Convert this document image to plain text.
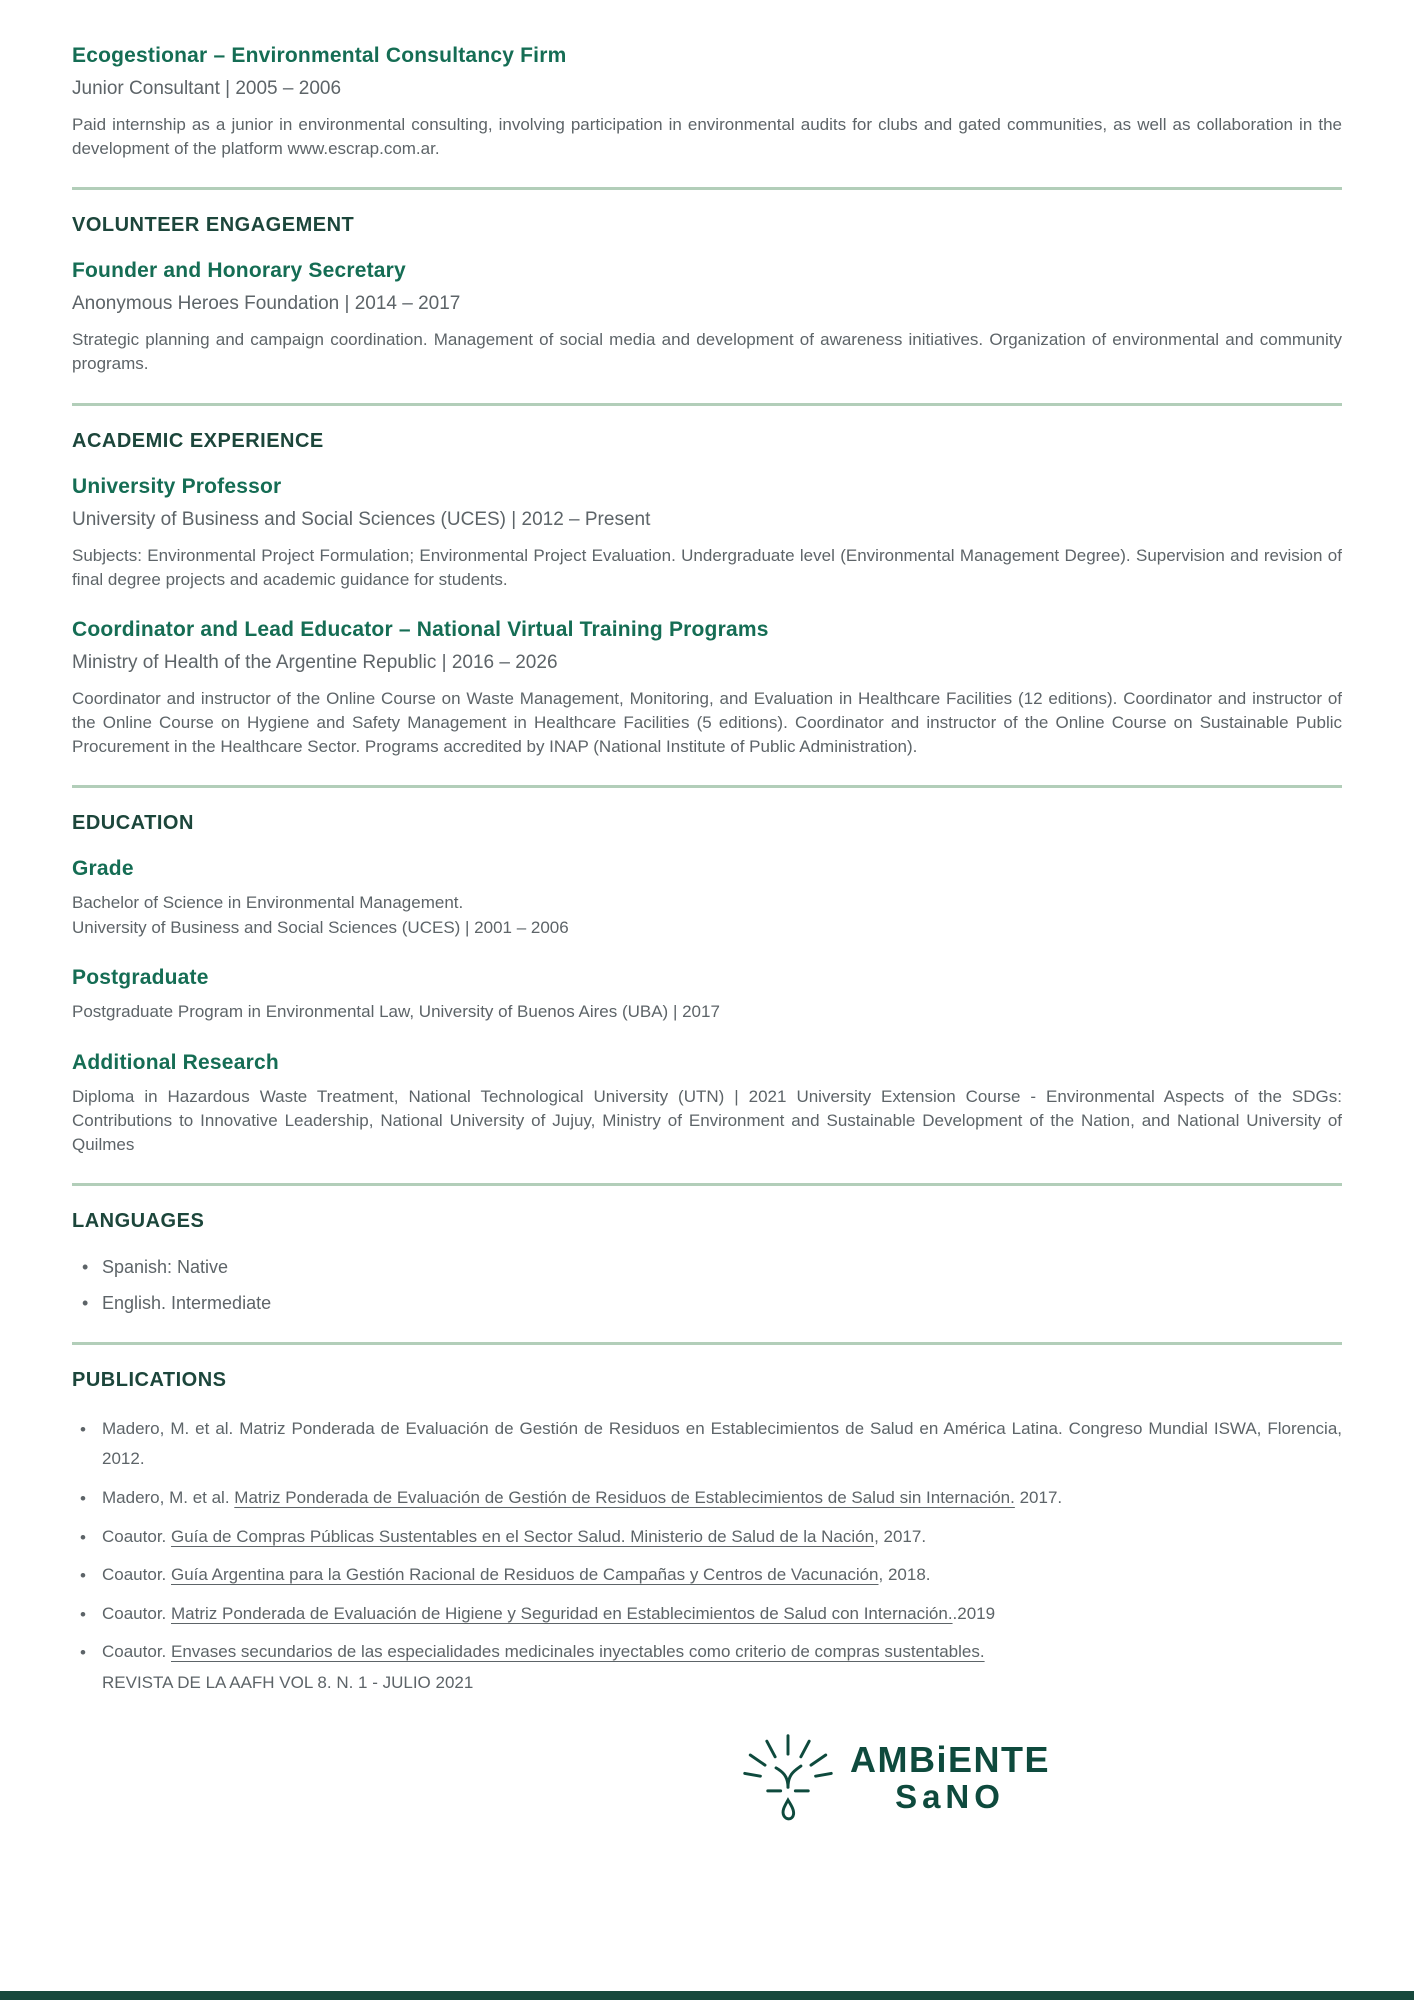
Ecogestionar – Environmental Consultancy Firm
Junior Consultant | 2005 – 2006

Paid internship as a junior in environmental consulting, involving participation in environmental audits for clubs and gated communities, as well as collaboration in the development of the platform www.escrap.com.ar.

VOLUNTEER ENGAGEMENT
Founder and Honorary Secretary
Anonymous Heroes Foundation | 2014 – 2017

Strategic planning and campaign coordination. Management of social media and development of awareness initiatives. Organization of environmental and community programs.

ACADEMIC EXPERIENCE
University Professor
University of Business and Social Sciences (UCES) | 2012 – Present

Subjects: Environmental Project Formulation; Environmental Project Evaluation. Undergraduate level (Environmental Management Degree). Supervision and revision of final degree projects and academic guidance for students.

Coordinator and Lead Educator – National Virtual Training Programs
Ministry of Health of the Argentine Republic | 2016 – 2026

Coordinator and instructor of the Online Course on Waste Management, Monitoring, and Evaluation in Healthcare Facilities (12 editions). Coordinator and instructor of the Online Course on Hygiene and Safety Management in Healthcare Facilities (5 editions). Coordinator and instructor of the Online Course on Sustainable Public Procurement in the Healthcare Sector. Programs accredited by INAP (National Institute of Public Administration).

EDUCATION
Grade
Bachelor of Science in Environmental Management.
University of Business and Social Sciences (UCES) | 2001 – 2006
Postgraduate
Postgraduate Program in Environmental Law, University of Buenos Aires (UBA) | 2017
Additional Research

Diploma in Hazardous Waste Treatment, National Technological University (UTN) | 2021 University Extension Course - Environmental Aspects of the SDGs: Contributions to Innovative Leadership, National University of Jujuy, Ministry of Environment and Sustainable Development of the Nation, and National University of Quilmes

LANGUAGES
• Spanish: Native
• English. Intermediate
PUBLICATIONS
• Madero, M. et al. Matriz Ponderada de Evaluación de Gestión de Residuos en Establecimientos de Salud en América Latina. Congreso Mundial ISWA, Florencia, 2012.
• Madero, M. et al. Matriz Ponderada de Evaluación de Gestión de Residuos de Establecimientos de Salud sin Internación. 2017.
• Coautor. Guía de Compras Públicas Sustentables en el Sector Salud. Ministerio de Salud de la Nación, 2017.
• Coautor. Guía Argentina para la Gestión Racional de Residuos de Campañas y Centros de Vacunación, 2018.
• Coautor. Matriz Ponderada de Evaluación de Higiene y Seguridad en Establecimientos de Salud con Internación..2019
• Coautor. Envases secundarios de las especialidades medicinales inyectables como criterio de compras sustentables.
REVISTA DE LA AAFH VOL 8. N. 1 - JULIO 2021
AMBiENTE
SaNO
